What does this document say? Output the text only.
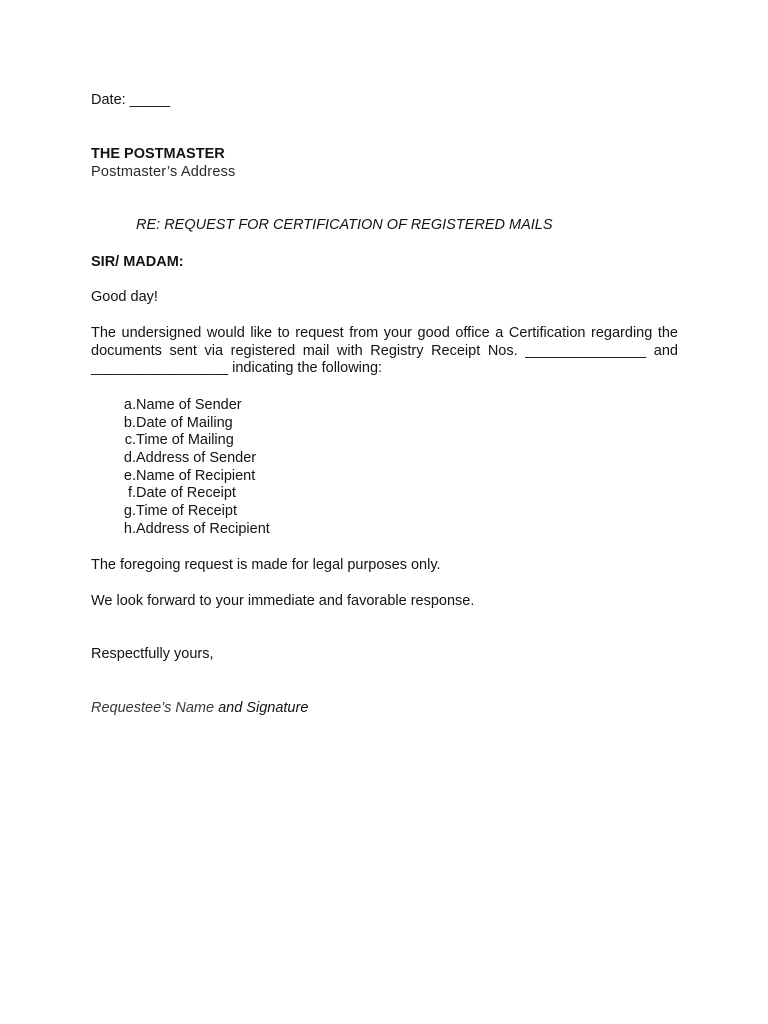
Date: _____
THE POSTMASTER
Postmaster’s Address
RE: REQUEST FOR CERTIFICATION OF REGISTERED MAILS
SIR/ MADAM:
Good day!
The undersigned would like to request from your good office a Certification regarding the documents sent via registered mail with Registry Receipt Nos. _______________ and _________________ indicating the following:
a. Name of Sender
b. Date of Mailing
c. Time of Mailing
d. Address of Sender
e. Name of Recipient
f. Date of Receipt
g. Time of Receipt
h. Address of Recipient
The foregoing request is made for legal purposes only.
We look forward to your immediate and favorable response.
Respectfully yours,
Requestee’s Name and Signature
